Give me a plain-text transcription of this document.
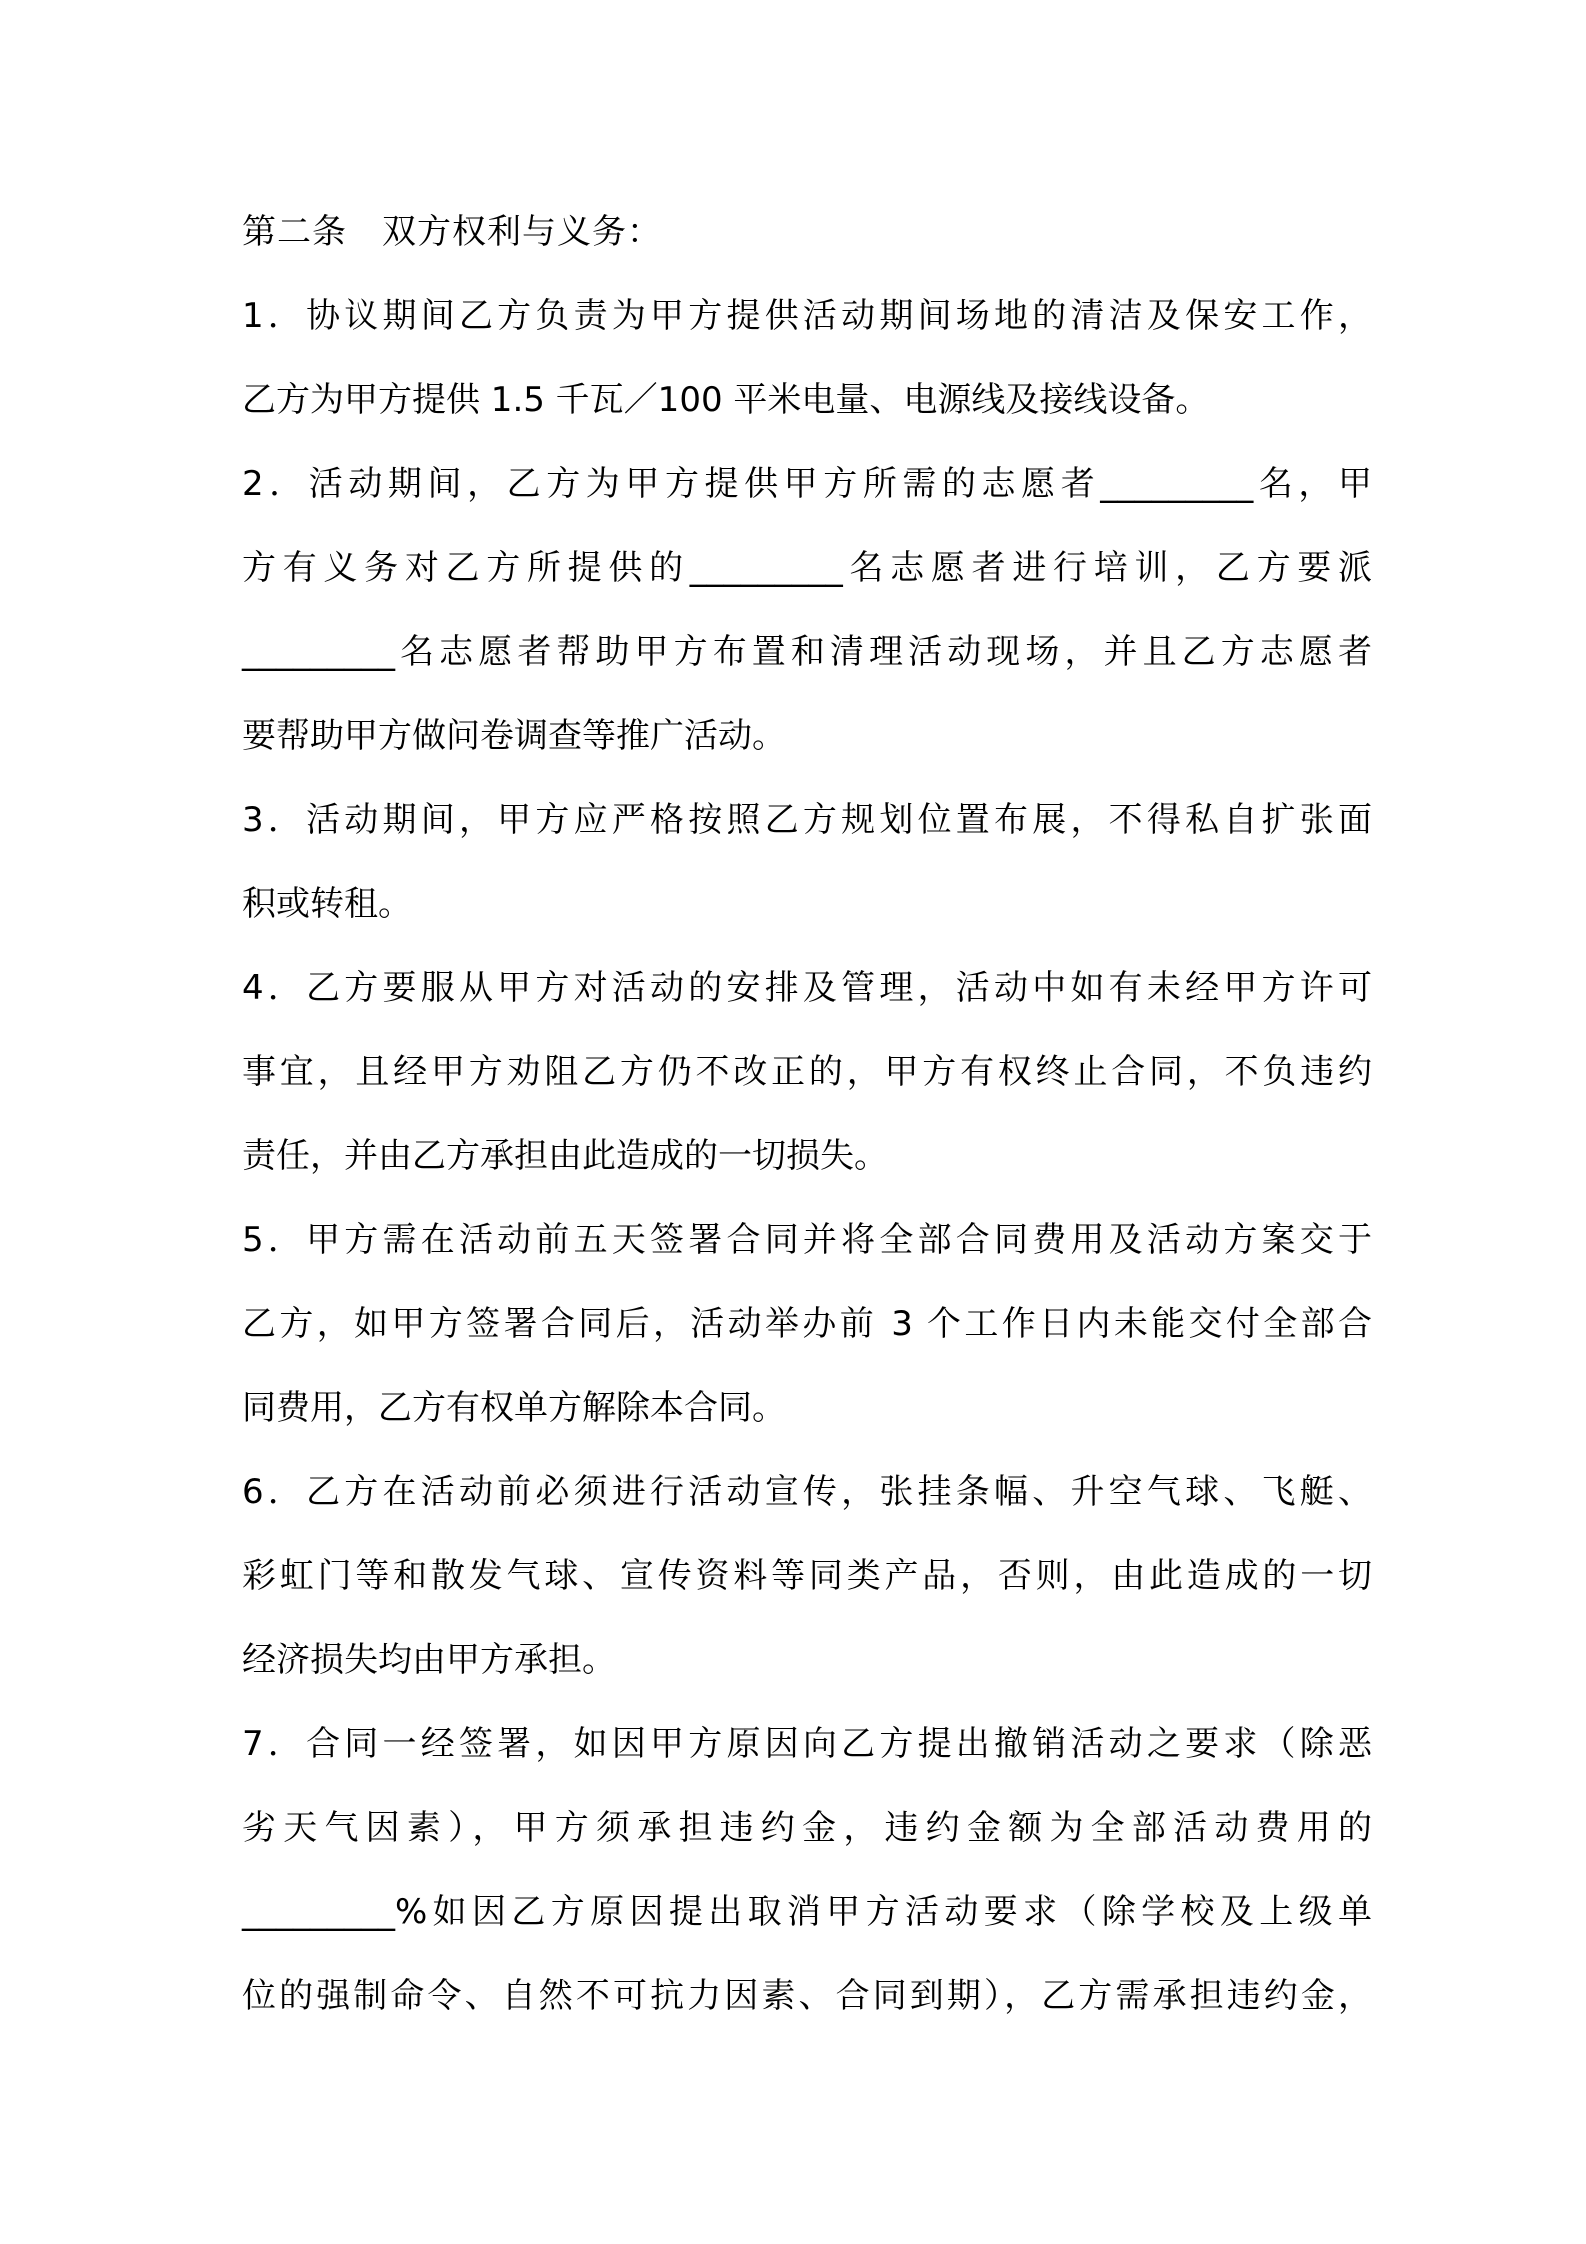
第二条　双方权利与义务：
1．协议期间乙方负责为甲方提供活动期间场地的清洁及保安工作，
乙方为甲方提供 1.5 千瓦／100 平米电量、电源线及接线设备。
2．活动期间，乙方为甲方提供甲方所需的志愿者_________名，甲
方有义务对乙方所提供的_________名志愿者进行培训，乙方要派
_________名志愿者帮助甲方布置和清理活动现场，并且乙方志愿者
要帮助甲方做问卷调查等推广活动。
3．活动期间，甲方应严格按照乙方规划位置布展，不得私自扩张面
积或转租。
4．乙方要服从甲方对活动的安排及管理，活动中如有未经甲方许可
事宜，且经甲方劝阻乙方仍不改正的，甲方有权终止合同，不负违约
责任，并由乙方承担由此造成的一切损失。
5．甲方需在活动前五天签署合同并将全部合同费用及活动方案交于
乙方，如甲方签署合同后，活动举办前 3 个工作日内未能交付全部合
同费用，乙方有权单方解除本合同。
6．乙方在活动前必须进行活动宣传，张挂条幅、升空气球、飞艇、
彩虹门等和散发气球、宣传资料等同类产品，否则，由此造成的一切
经济损失均由甲方承担。
7．合同一经签署，如因甲方原因向乙方提出撤销活动之要求（除恶
劣天气因素），甲方须承担违约金，违约金额为全部活动费用的
_________%如因乙方原因提出取消甲方活动要求（除学校及上级单
位的强制命令、自然不可抗力因素、合同到期），乙方需承担违约金，
